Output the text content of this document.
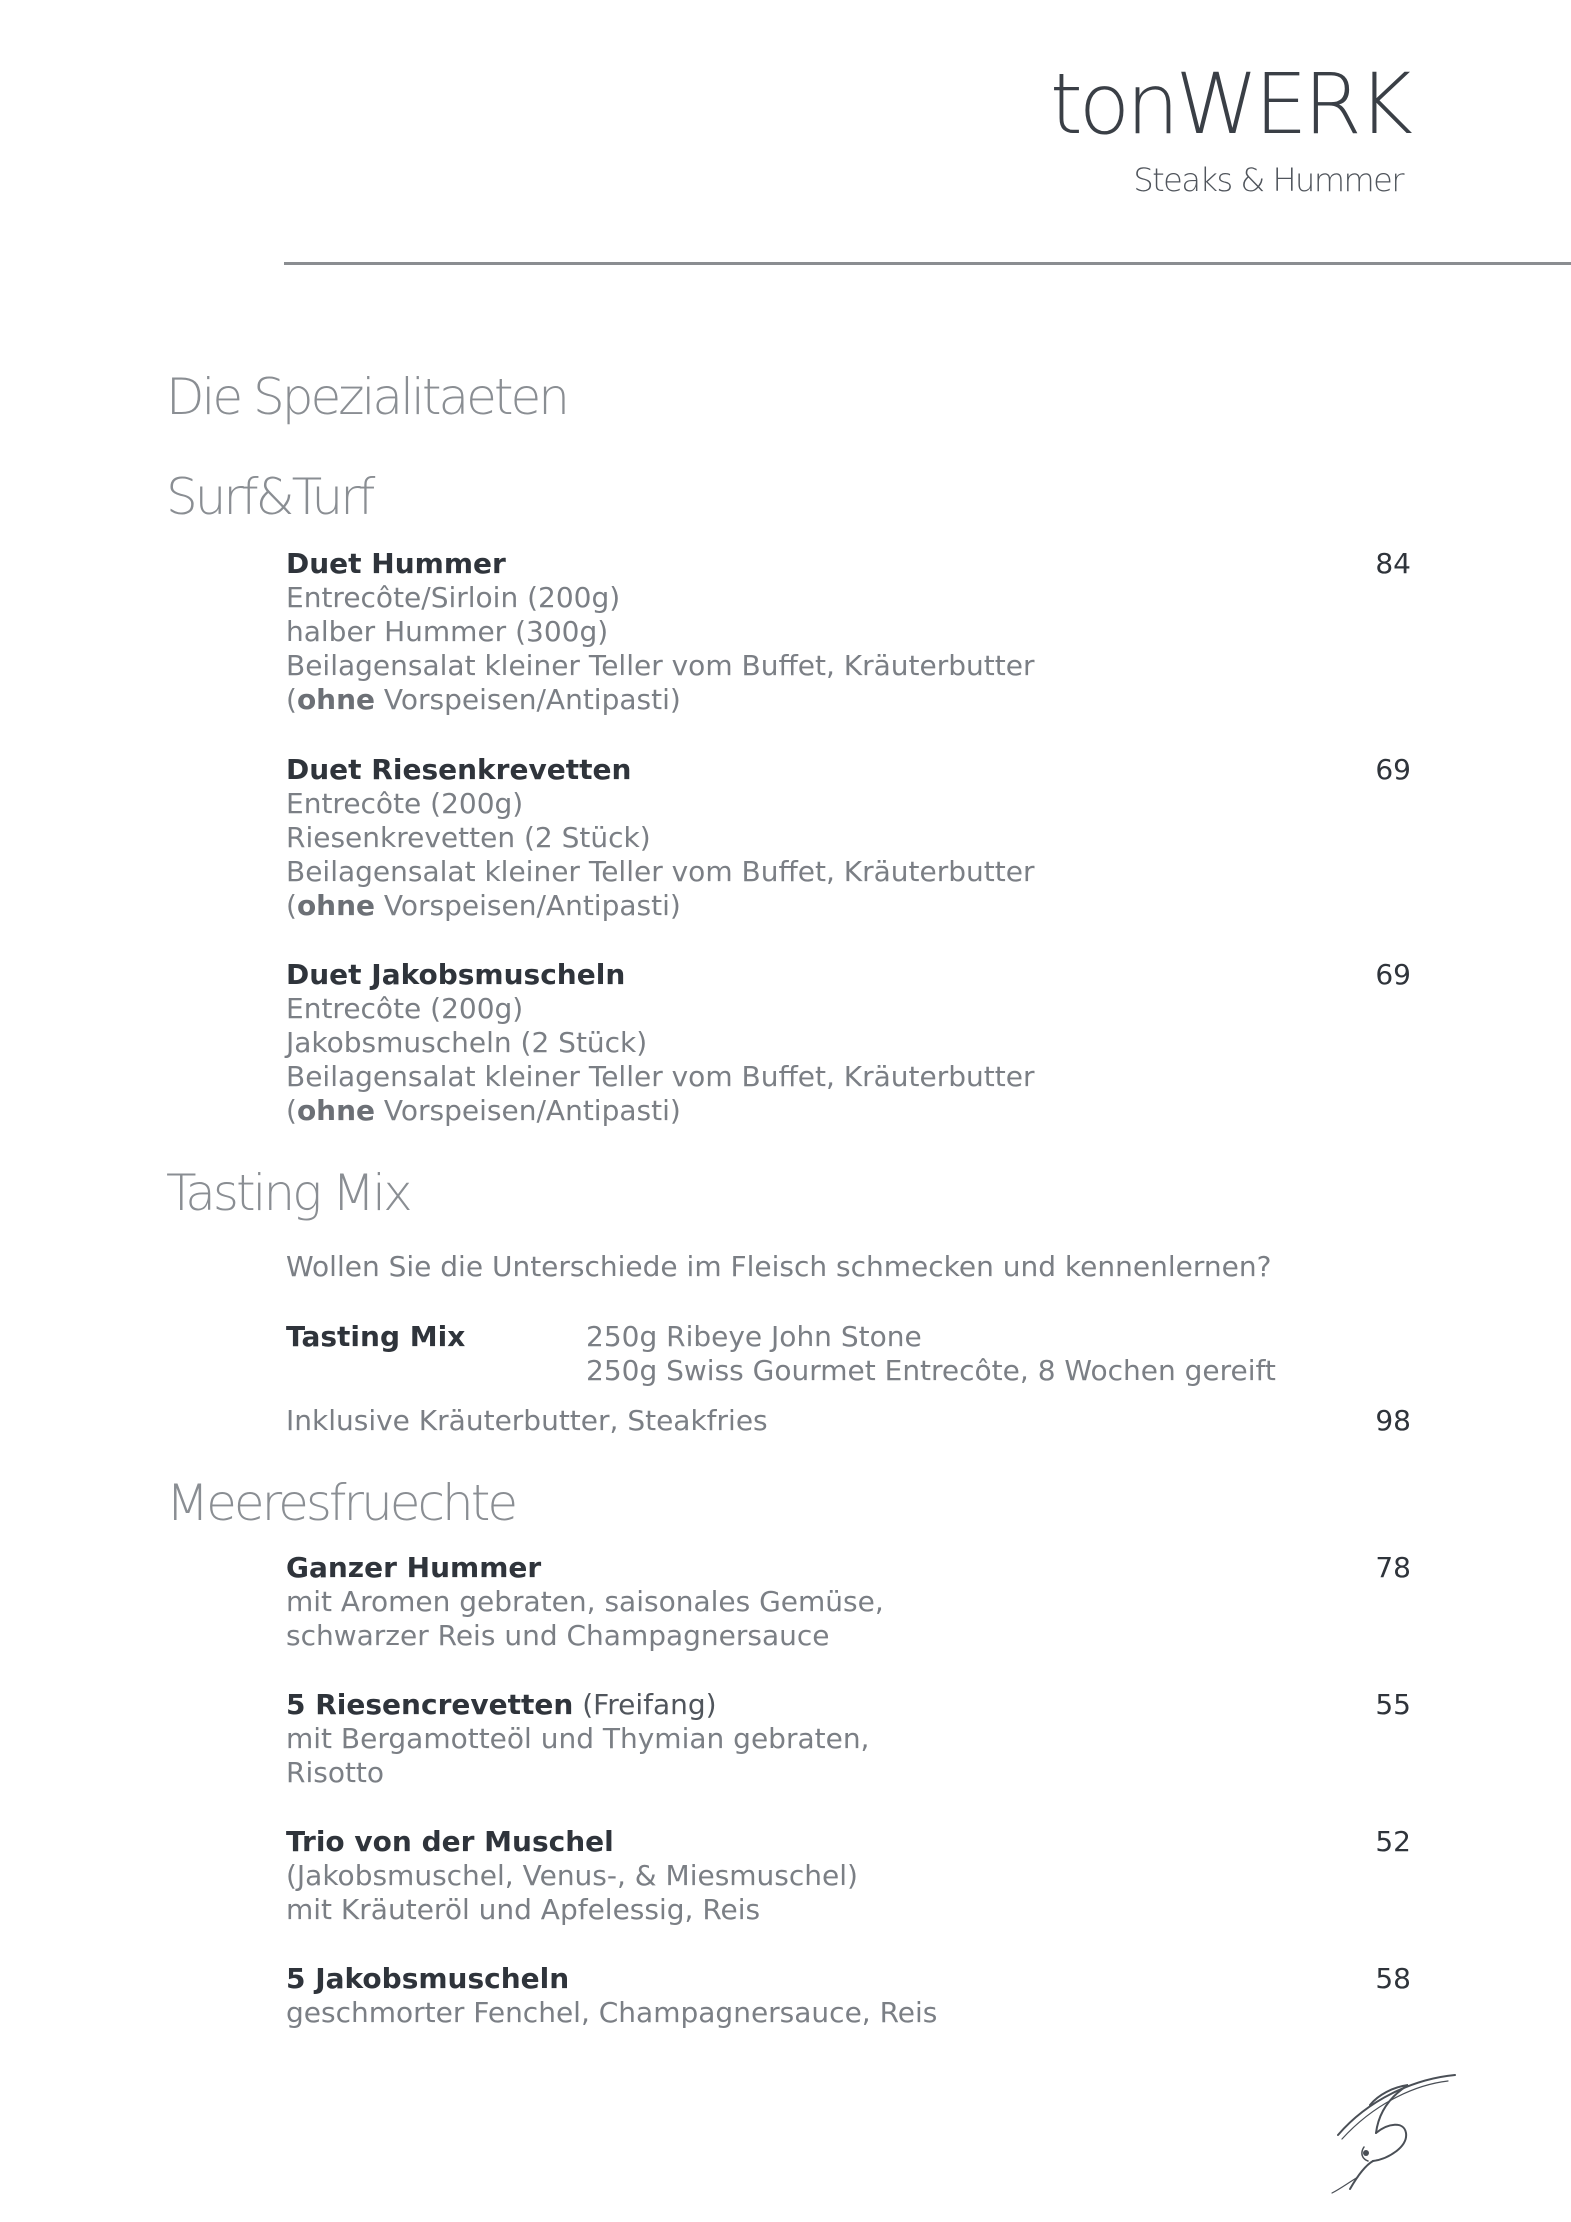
tonWERK
Steaks & Hummer
Die Spezialitaeten
Surf&Turf
Duet Hummer	84
Entrecôte/Sirloin (200g)
halber Hummer (300g)
Beilagensalat kleiner Teller vom Buffet, Kräuterbutter
(ohne Vorspeisen/Antipasti)
Duet Riesenkrevetten	69
Entrecôte (200g)
Riesenkrevetten (2 Stück)
Beilagensalat kleiner Teller vom Buffet, Kräuterbutter
(ohne Vorspeisen/Antipasti)
Duet Jakobsmuscheln	69
Entrecôte (200g)
Jakobsmuscheln (2 Stück)
Beilagensalat kleiner Teller vom Buffet, Kräuterbutter
(ohne Vorspeisen/Antipasti)
Tasting Mix
Wollen Sie die Unterschiede im Fleisch schmecken und kennenlernen?
Tasting Mix	250g Ribeye John Stone
250g Swiss Gourmet Entrecôte, 8 Wochen gereift
Inklusive Kräuterbutter, Steakfries	98
Meeresfruechte
Ganzer Hummer	78
mit Aromen gebraten, saisonales Gemüse,
schwarzer Reis und Champagnersauce
5 Riesencrevetten (Freifang)	55
mit Bergamotteöl und Thymian gebraten,
Risotto
Trio von der Muschel	52
(Jakobsmuschel, Venus-, & Miesmuschel)
mit Kräuteröl und Apfelessig, Reis
5 Jakobsmuscheln	58
geschmorter Fenchel, Champagnersauce, Reis
